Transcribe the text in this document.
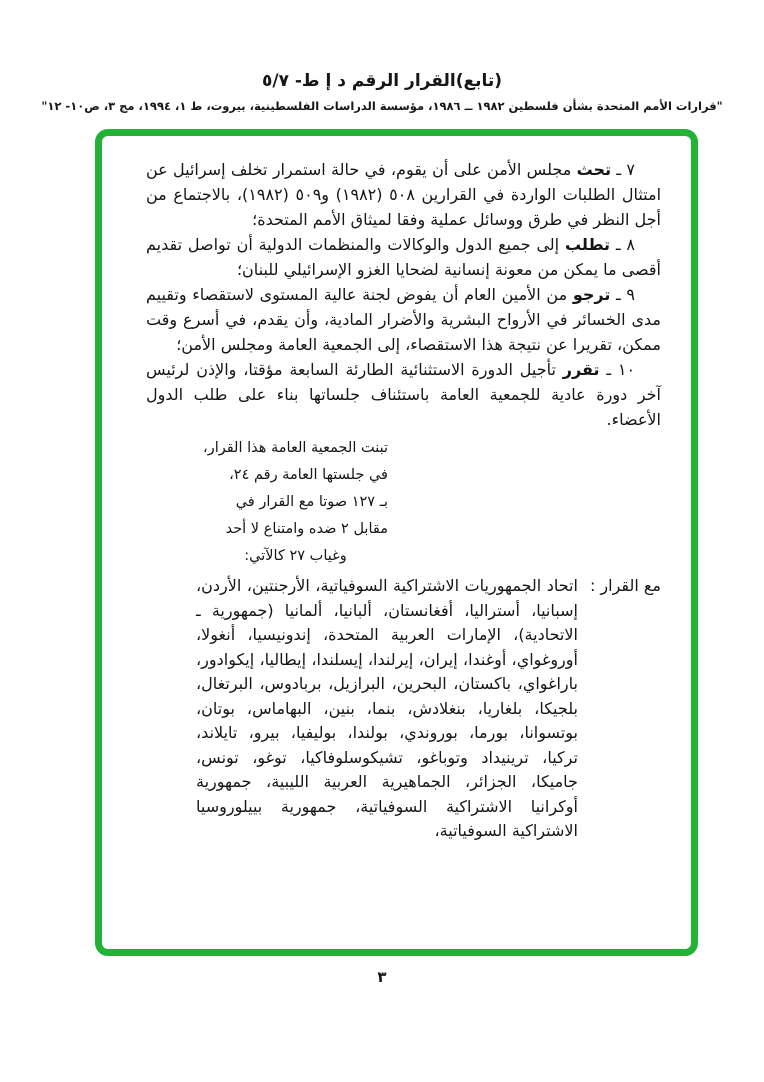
(تابع)القرار الرقم د إ ط- ٥/٧
"قرارات الأمم المتحدة بشأن فلسطين ١٩٨٢ ــ ١٩٨٦، مؤسسة الدراسات الفلسطينية، بيروت، ط ١، ١٩٩٤، مج ٣، ص١٠- ١٢"

٧ ـ تحث مجلس الأمن على أن يقوم، في حالة استمرار تخلف إسرائيل عن امتثال الطلبات الواردة في القرارين ٥٠٨ (١٩٨٢) و٥٠٩ (١٩٨٢)، بالاجتماع من أجل النظر في طرق ووسائل عملية وفقا لميثاق الأمم المتحدة؛

٨ ـ تطلب إلى جميع الدول والوكالات والمنظمات الدولية أن تواصل تقديم أقصى ما يمكن من معونة إنسانية لضحايا الغزو الإسرائيلي للبنان؛

٩ ـ ترجو من الأمين العام أن يفوض لجنة عالية المستوى لاستقصاء وتقييم مدى الخسائر في الأرواح البشرية والأضرار المادية، وأن يقدم، في أسرع وقت ممكن، تقريرا عن نتيجة هذا الاستقصاء، إلى الجمعية العامة ومجلس الأمن؛

١٠ ـ تقرر تأجيل الدورة الاستثنائية الطارئة السابعة مؤقتا، والإذن لرئيس آخر دورة عادية للجمعية العامة باستئناف جلساتها بناء على طلب الدول الأعضاء.

تبنت الجمعية العامة هذا القرار،
في جلستها العامة رقم ٢٤،
بـ ١٢٧ صوتا مع القرار في
مقابل ٢ ضده وامتناع لا أحد
وغياب ٢٧ كالآتي:
مع القرار :
اتحاد الجمهوريات الاشتراكية السوفياتية، الأرجنتين، الأردن، إسبانيا، أستراليا، أفغانستان، ألبانيا، ألمانيا (جمهورية ـ الاتحادية)، الإمارات العربية المتحدة، إندونيسيا، أنغولا، أوروغواي، أوغندا، إيران، إيرلندا، إيسلندا، إيطاليا، إيكوادور، باراغواي، باكستان، البحرين، البرازيل، بربادوس، البرتغال، بلجيكا، بلغاريا، بنغلادش، بنما، بنين، البهاماس، بوتان، بوتسوانا، بورما، بوروندي، بولندا، بوليفيا، بيرو، تايلاند، تركيا، ترينيداد وتوباغو، تشيكوسلوفاكيا، توغو، تونس، جاميكا، الجزائر، الجماهيرية العربية الليبية، جمهورية أوكرانيا الاشتراكية السوفياتية، جمهورية بييلوروسيا الاشتراكية السوفياتية،
٣
